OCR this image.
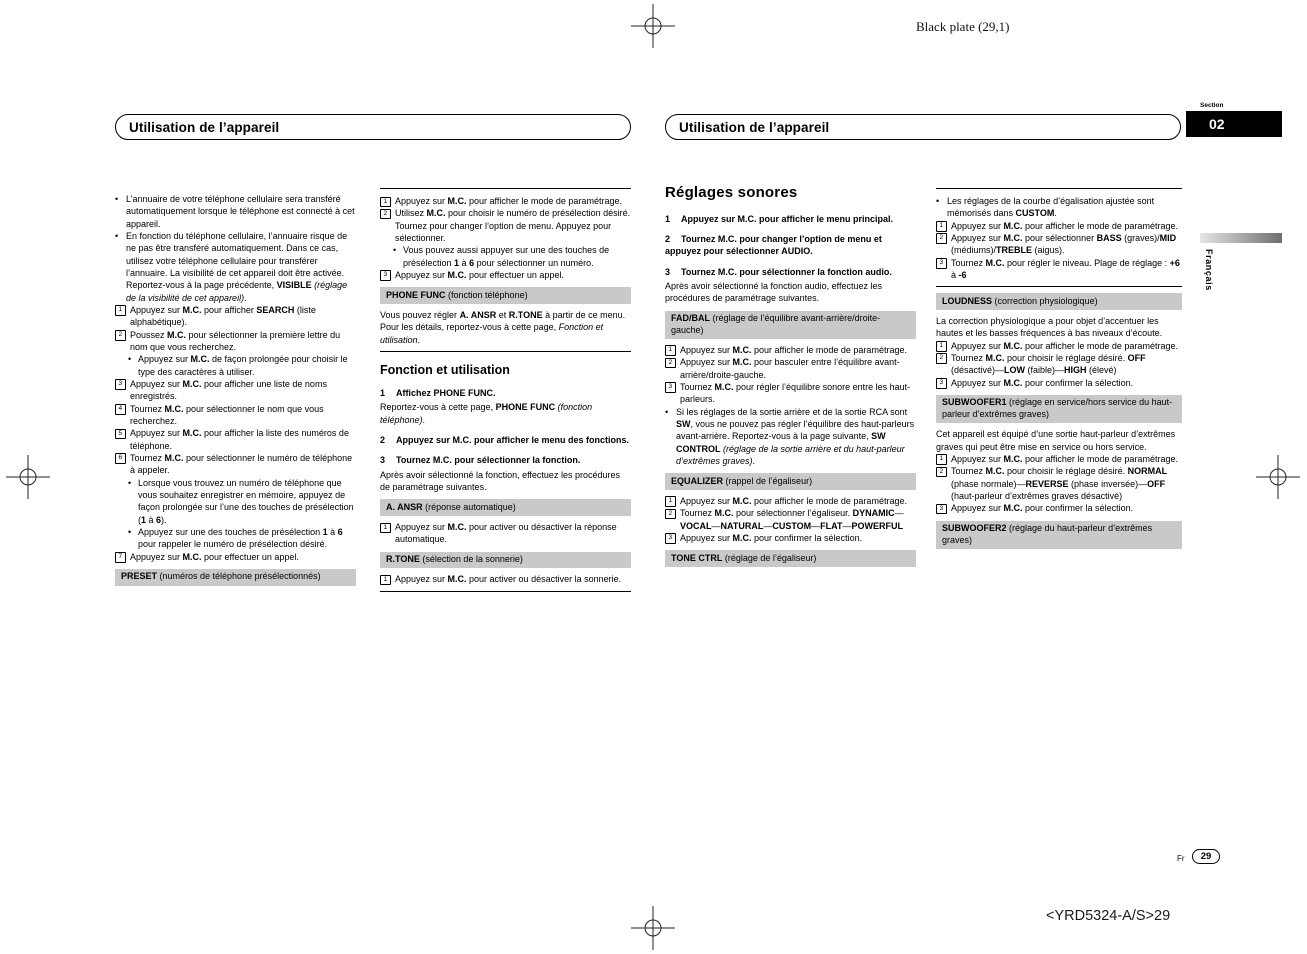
Black plate (29,1)
Utilisation de l’appareil	Utilisation de l’appareil
Section
02
Français
• L’annuaire de votre téléphone cellulaire sera transféré automatiquement lorsque le téléphone est connecté à cet appareil.
• En fonction du téléphone cellulaire, l’annuaire risque de ne pas être transféré automatiquement. Dans ce cas, utilisez votre téléphone cellulaire pour transférer l’annuaire. La visibilité de cet appareil doit être activée. Reportez-vous à la page précédente, VISIBLE (réglage de la visibilité de cet appareil).
1 Appuyez sur M.C. pour afficher SEARCH (liste alphabétique).
2 Poussez M.C. pour sélectionner la première lettre du nom que vous recherchez.
• Appuyez sur M.C. de façon prolongée pour choisir le type des caractères à utiliser.
3 Appuyez sur M.C. pour afficher une liste de noms enregistrés.
4 Tournez M.C. pour sélectionner le nom que vous recherchez.
5 Appuyez sur M.C. pour afficher la liste des numéros de téléphone.
6 Tournez M.C. pour sélectionner le numéro de téléphone à appeler.
• Lorsque vous trouvez un numéro de téléphone que vous souhaitez enregistrer en mémoire, appuyez de façon prolongée sur l’une des touches de présélection (1 à 6).
• Appuyez sur une des touches de présélection 1 à 6 pour rappeler le numéro de présélection désiré.
7 Appuyez sur M.C. pour effectuer un appel.
PRESET (numéros de téléphone présélectionnés)
1 Appuyez sur M.C. pour afficher le mode de paramétrage.
2 Utilisez M.C. pour choisir le numéro de présélection désiré. Tournez pour changer l’option de menu. Appuyez pour sélectionner.
• Vous pouvez aussi appuyer sur une des touches de présélection 1 à 6 pour sélectionner un numéro.
3 Appuyez sur M.C. pour effectuer un appel.
PHONE FUNC (fonction téléphone)
Vous pouvez régler A. ANSR et R.TONE à partir de ce menu. Pour les détails, reportez-vous à cette page, Fonction et utilisation.
Fonction et utilisation
1 Affichez PHONE FUNC.
Reportez-vous à cette page, PHONE FUNC (fonction téléphone).
2 Appuyez sur M.C. pour afficher le menu des fonctions.
3 Tournez M.C. pour sélectionner la fonction.
Après avoir sélectionné la fonction, effectuez les procédures de paramétrage suivantes.
A. ANSR (réponse automatique)
1 Appuyez sur M.C. pour activer ou désactiver la réponse automatique.
R.TONE (sélection de la sonnerie)
1 Appuyez sur M.C. pour activer ou désactiver la sonnerie.
Réglages sonores
1 Appuyez sur M.C. pour afficher le menu principal.
2 Tournez M.C. pour changer l’option de menu et appuyez pour sélectionner AUDIO.
3 Tournez M.C. pour sélectionner la fonction audio.
Après avoir sélectionné la fonction audio, effectuez les procédures de paramétrage suivantes.
FAD/BAL (réglage de l’équilibre avant-arrière/droite-gauche)
1 Appuyez sur M.C. pour afficher le mode de paramétrage.
2 Appuyez sur M.C. pour basculer entre l’équilibre avant-arrière/droite-gauche.
3 Tournez M.C. pour régler l’équilibre sonore entre les haut-parleurs.
• Si les réglages de la sortie arrière et de la sortie RCA sont SW, vous ne pouvez pas régler l’équilibre des haut-parleurs avant-arrière. Reportez-vous à la page suivante, SW CONTROL (réglage de la sortie arrière et du haut-parleur d’extrêmes graves).
EQUALIZER (rappel de l’égaliseur)
1 Appuyez sur M.C. pour afficher le mode de paramétrage.
2 Tournez M.C. pour sélectionner l’égaliseur. DYNAMIC—VOCAL—NATURAL—CUSTOM—FLAT—POWERFUL
3 Appuyez sur M.C. pour confirmer la sélection.
TONE CTRL (réglage de l’égaliseur)
• Les réglages de la courbe d’égalisation ajustée sont mémorisés dans CUSTOM.
1 Appuyez sur M.C. pour afficher le mode de paramétrage.
2 Appuyez sur M.C. pour sélectionner BASS (graves)/MID (médiums)/TREBLE (aigus).
3 Tournez M.C. pour régler le niveau. Plage de réglage : +6 à -6
LOUDNESS (correction physiologique)
La correction physiologique a pour objet d’accentuer les hautes et les basses fréquences à bas niveaux d’écoute.
1 Appuyez sur M.C. pour afficher le mode de paramétrage.
2 Tournez M.C. pour choisir le réglage désiré. OFF (désactivé)—LOW (faible)—HIGH (élevé)
3 Appuyez sur M.C. pour confirmer la sélection.
SUBWOOFER1 (réglage en service/hors service du haut-parleur d’extrêmes graves)
Cet appareil est équipé d’une sortie haut-parleur d’extrêmes graves qui peut être mise en service ou hors service.
1 Appuyez sur M.C. pour afficher le mode de paramétrage.
2 Tournez M.C. pour choisir le réglage désiré. NORMAL (phase normale)—REVERSE (phase inversée)—OFF (haut-parleur d’extrêmes graves désactivé)
3 Appuyez sur M.C. pour confirmer la sélection.
SUBWOOFER2 (réglage du haut-parleur d’extrêmes graves)
Fr	29
<YRD5324-A/S>29
